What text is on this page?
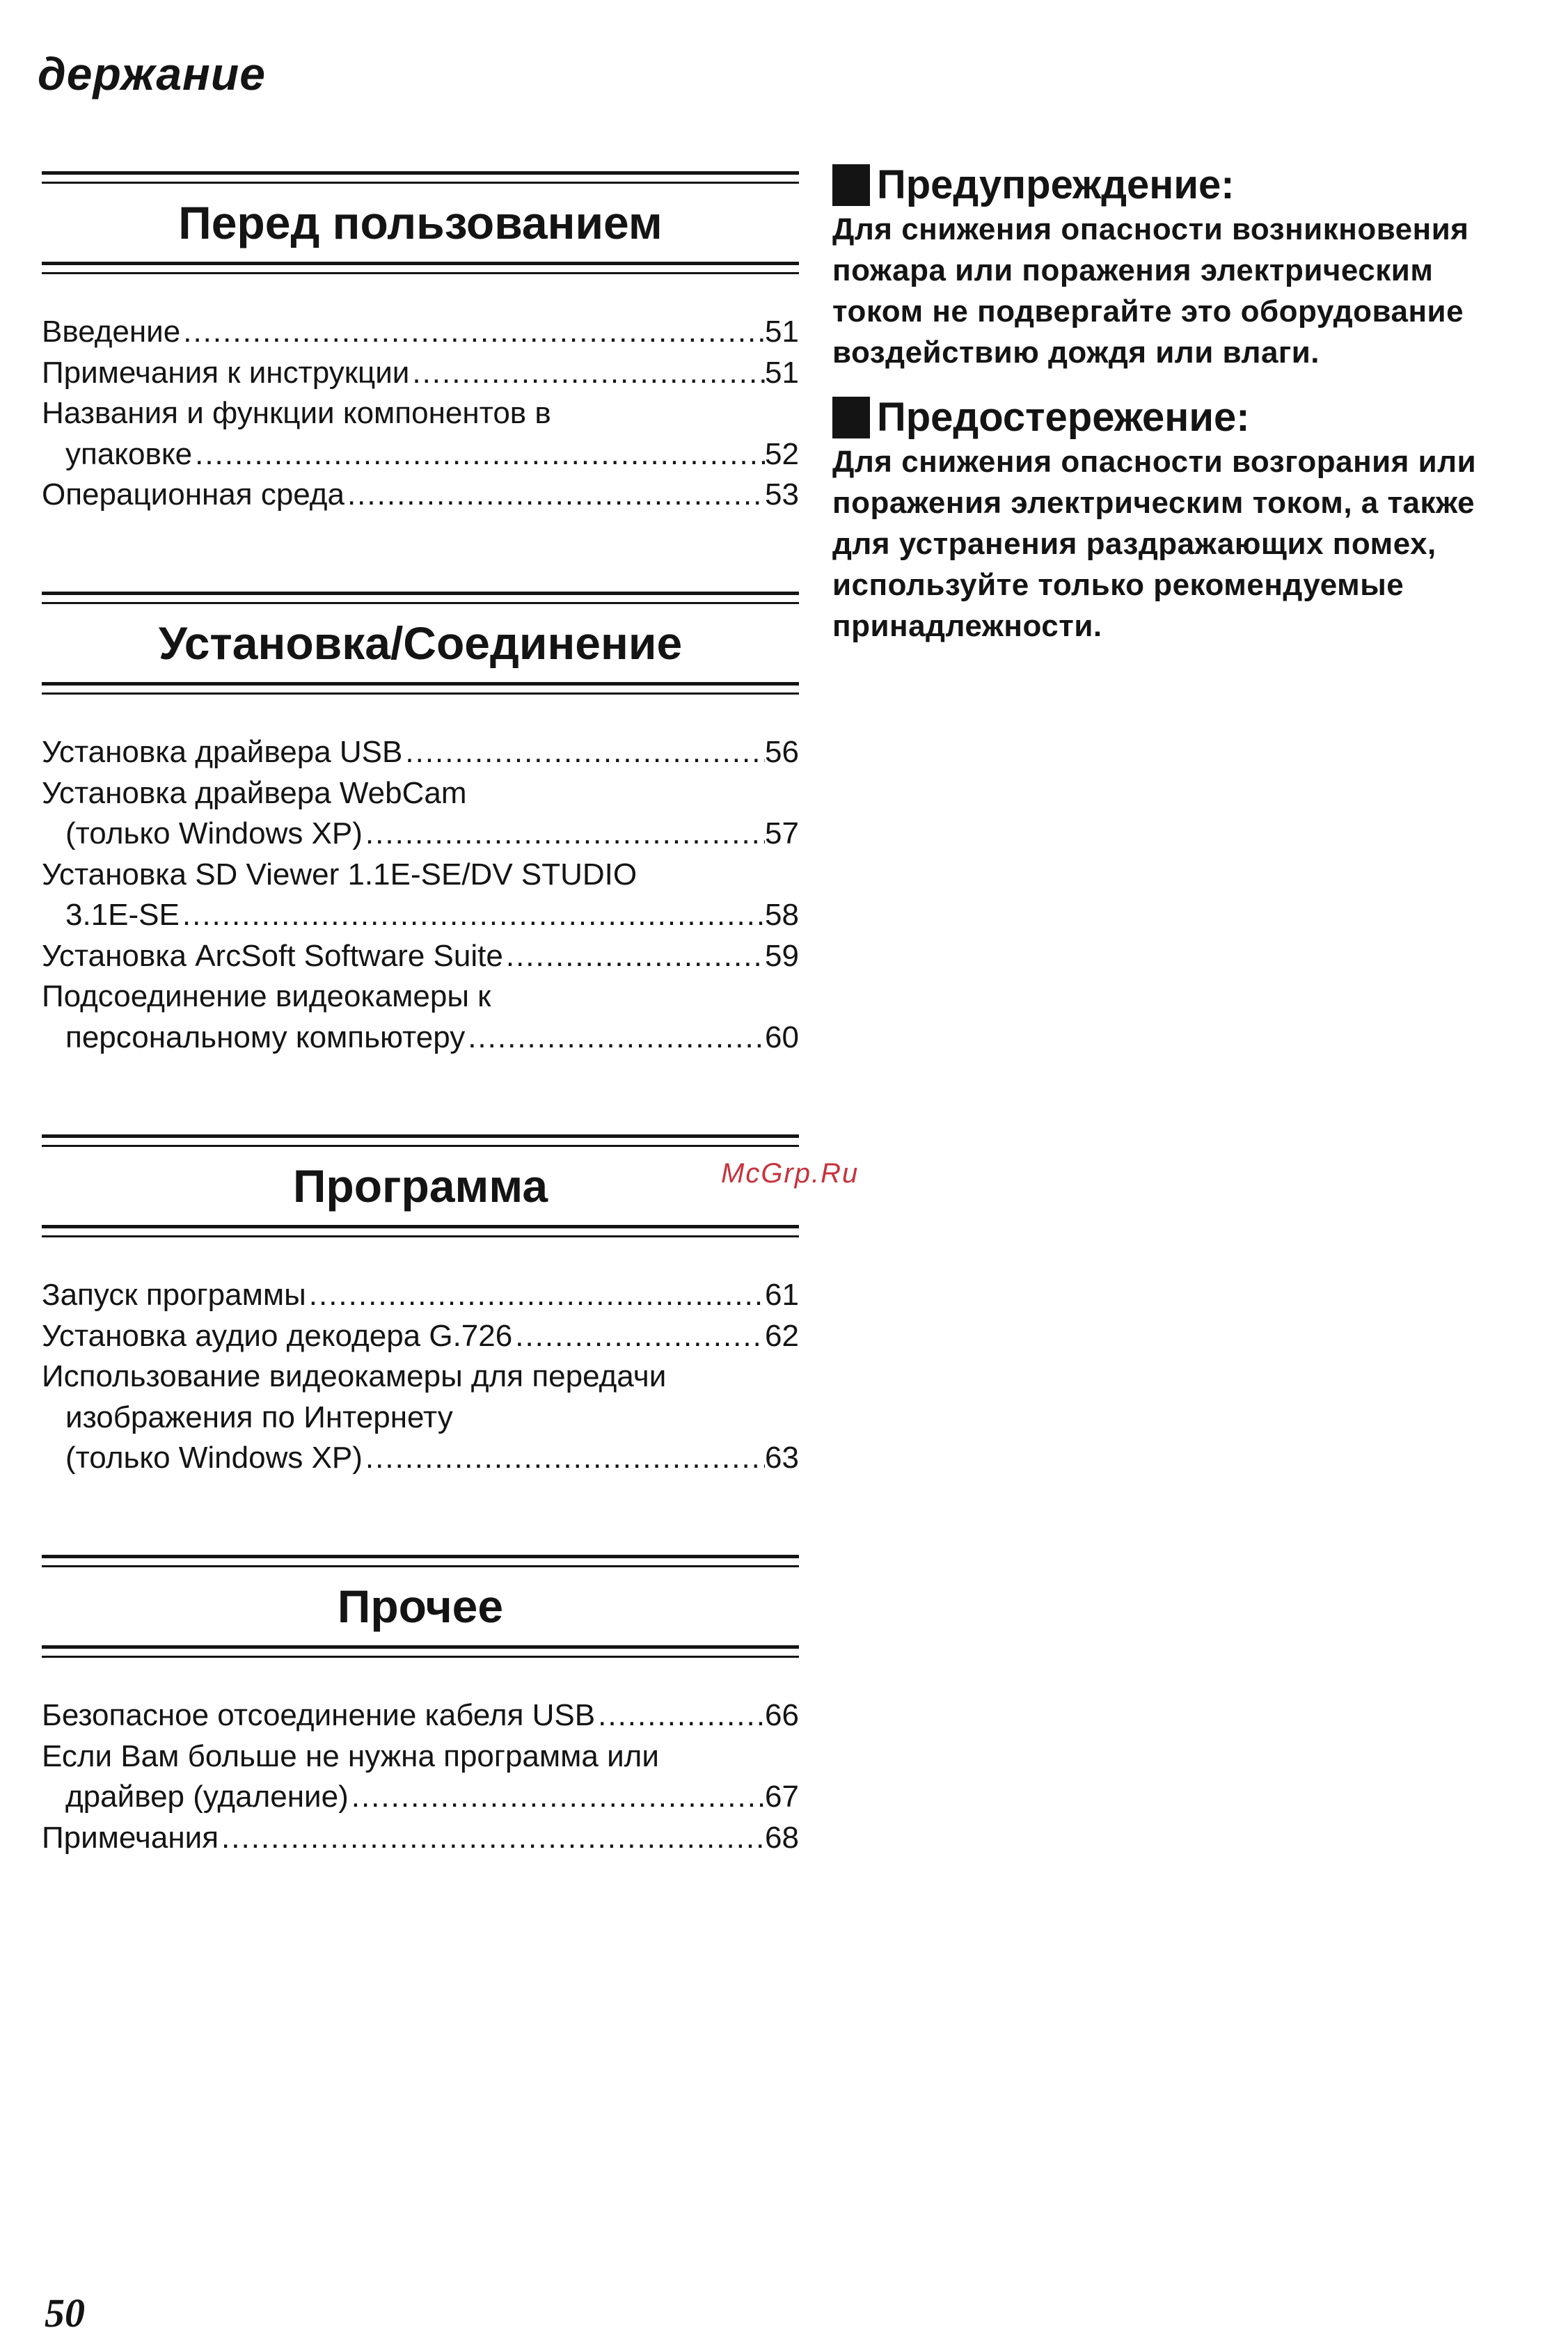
держание
Перед пользованием
Введение .....	51
Примечания к инструкции .....	51
Названия и функции компонентов в
упаковке .....	52
Операционная среда .....	53
Установка/Соединение
Установка драйвера USB .....	56
Установка драйвера WebCam
(только Windows XP) .....	57
Установка SD Viewer 1.1E-SE/DV STUDIO
3.1E-SE .....	58
Установка ArcSoft Software Suite .....	59
Подсоединение видеокамеры к
персональному компьютеру .....	60
Программа
Запуск программы .....	61
Установка аудио декодера G.726 .....	62
Использование видеокамеры для передачи
изображения по Интернету
(только Windows XP) .....	63
Прочее
Безопасное отсоединение кабеля USB .....	66
Если Вам больше не нужна программа или
драйвер (удаление) .....	67
Примечания .....	68
Предупреждение:
Для снижения опасности возникновения
пожара или поражения электрическим
током не подвергайте это оборудование
воздействию дождя или влаги.
Предостережение:
Для снижения опасности возгорания или
поражения электрическим током, а также
для устранения раздражающих помех,
используйте только рекомендуемые
принадлежности.
McGrp.Ru
50
